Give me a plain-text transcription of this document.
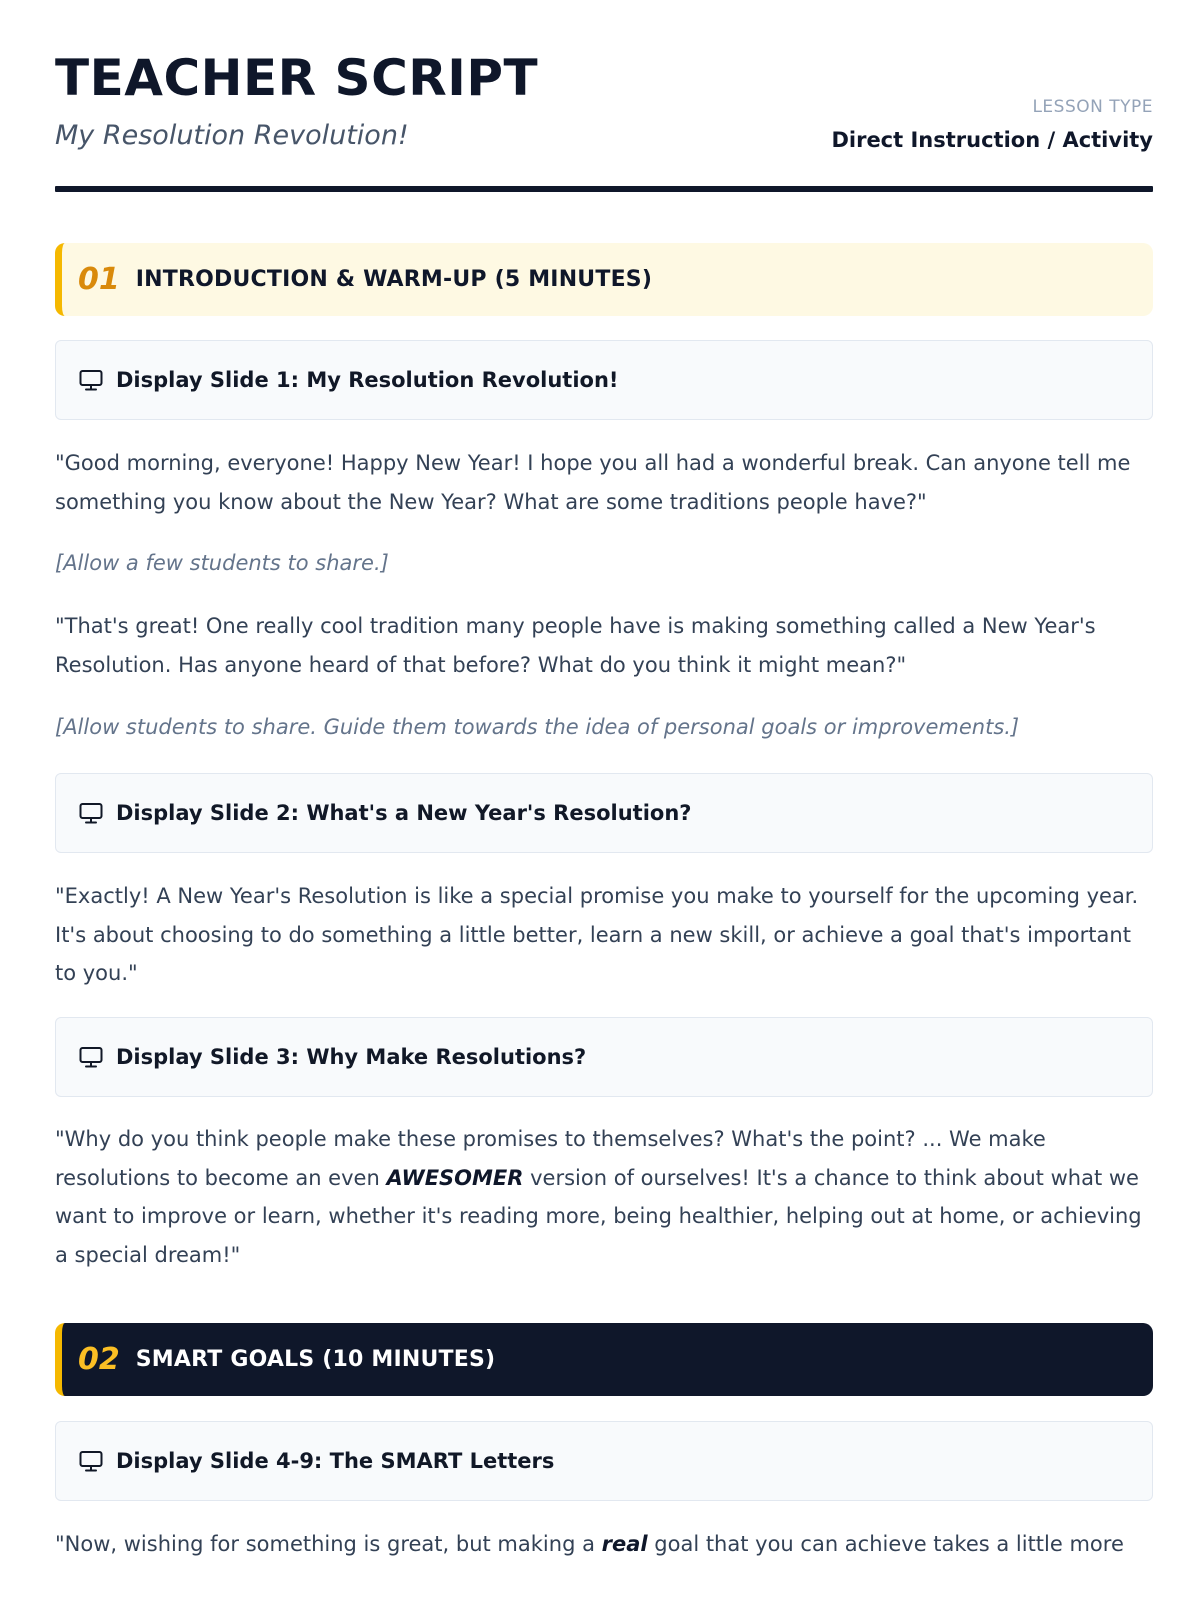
TEACHER SCRIPT

My Resolution Revolution!

LESSON TYPE
Direct Instruction / Activity
01 INTRODUCTION & WARM-UP (5 MINUTES)
Display Slide 1: My Resolution Revolution!

"Good morning, everyone! Happy New Year! I hope you all had a wonderful break. Can anyone tell me something you know about the New Year? What are some traditions people have?"

[Allow a few students to share.]

"That's great! One really cool tradition many people have is making something called a New Year's Resolution. Has anyone heard of that before? What do you think it might mean?"

[Allow students to share. Guide them towards the idea of personal goals or improvements.]

Display Slide 2: What's a New Year's Resolution?

"Exactly! A New Year's Resolution is like a special promise you make to yourself for the upcoming year. It's about choosing to do something a little better, learn a new skill, or achieve a goal that's important to you."

Display Slide 3: Why Make Resolutions?

"Why do you think people make these promises to themselves? What's the point? ... We make resolutions to become an even AWESOMER version of ourselves! It's a chance to think about what we want to improve or learn, whether it's reading more, being healthier, helping out at home, or achieving a special dream!"

02 SMART GOALS (10 MINUTES)
Display Slide 4-9: The SMART Letters

"Now, wishing for something is great, but making a real goal that you can achieve takes a little more
